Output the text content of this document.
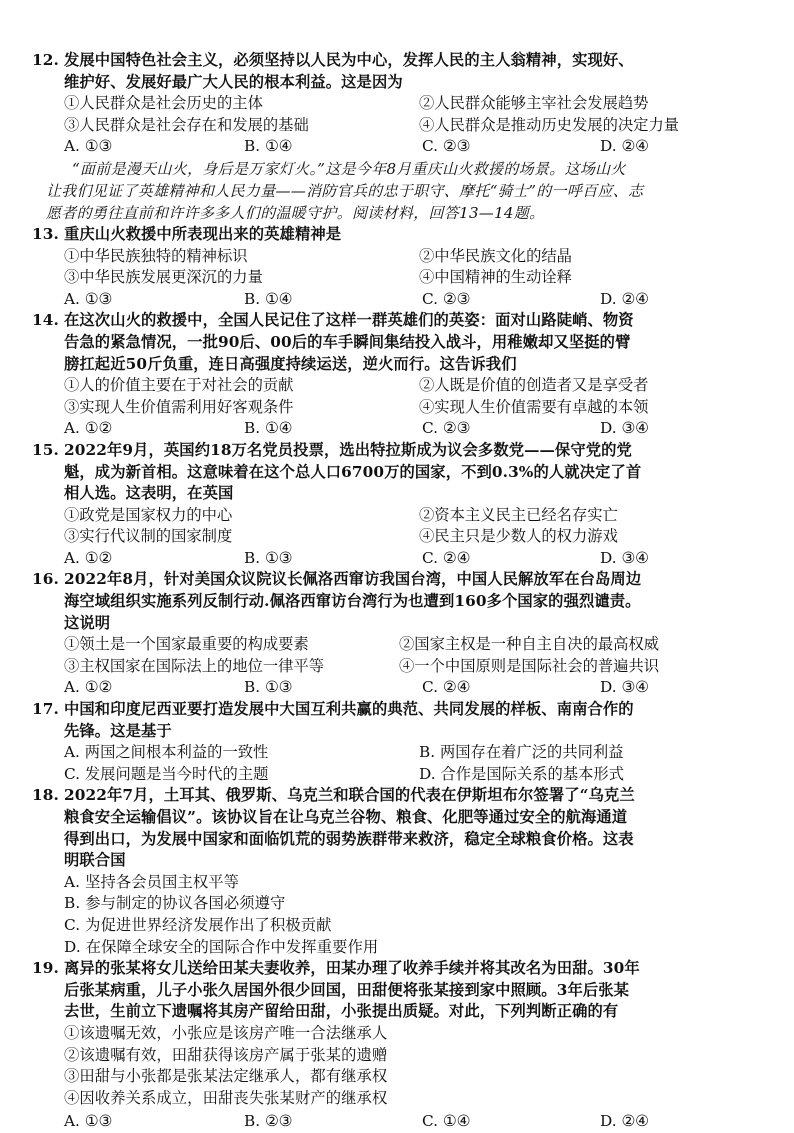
12. 发展中国特色社会主义，必须坚持以人民为中心，发挥人民的主人翁精神，实现好、
维护好、发展好最广大人民的根本利益。这是因为
①人民群众是社会历史的主体	②人民群众能够主宰社会发展趋势
③人民群众是社会存在和发展的基础	④人民群众是推动历史发展的决定力量
A. ①③	B. ①④	C. ②③	D. ②④
“面前是漫天山火，身后是万家灯火。”这是今年8月重庆山火救援的场景。这场山火
让我们见证了英雄精神和人民力量——消防官兵的忠于职守、摩托“骑士”的一呼百应、志
愿者的勇往直前和许许多多人们的温暖守护。阅读材料，回答13—14题。
13. 重庆山火救援中所表现出来的英雄精神是
①中华民族独特的精神标识	②中华民族文化的结晶
③中华民族发展更深沉的力量	④中国精神的生动诠释
A. ①③	B. ①④	C. ②③	D. ②④
14. 在这次山火的救援中，全国人民记住了这样一群英雄们的英姿：面对山路陡峭、物资
告急的紧急情况，一批90后、00后的车手瞬间集结投入战斗，用稚嫩却又坚挺的臂
膀扛起近50斤负重，连日高强度持续运送，逆火而行。这告诉我们
①人的价值主要在于对社会的贡献	②人既是价值的创造者又是享受者
③实现人生价值需利用好客观条件	④实现人生价值需要有卓越的本领
A. ①②	B. ①④	C. ②③	D. ③④
15. 2022年9月，英国约18万名党员投票，选出特拉斯成为议会多数党——保守党的党
魁，成为新首相。这意味着在这个总人口6700万的国家，不到0.3%的人就决定了首
相人选。这表明，在英国
①政党是国家权力的中心	②资本主义民主已经名存实亡
③实行代议制的国家制度	④民主只是少数人的权力游戏
A. ①②	B. ①③	C. ②④	D. ③④
16. 2022年8月，针对美国众议院议长佩洛西窜访我国台湾，中国人民解放军在台岛周边
海空域组织实施系列反制行动.佩洛西窜访台湾行为也遭到160多个国家的强烈谴责。
这说明
①领土是一个国家最重要的构成要素	②国家主权是一种自主自决的最高权威
③主权国家在国际法上的地位一律平等	④一个中国原则是国际社会的普遍共识
A. ①②	B. ①③	C. ②④	D. ③④
17. 中国和印度尼西亚要打造发展中大国互利共赢的典范、共同发展的样板、南南合作的
先锋。这是基于
A. 两国之间根本利益的一致性	B. 两国存在着广泛的共同利益
C. 发展问题是当今时代的主题	D. 合作是国际关系的基本形式
18. 2022年7月，土耳其、俄罗斯、乌克兰和联合国的代表在伊斯坦布尔签署了“乌克兰
粮食安全运输倡议”。该协议旨在让乌克兰谷物、粮食、化肥等通过安全的航海通道
得到出口，为发展中国家和面临饥荒的弱势族群带来救济，稳定全球粮食价格。这表
明联合国
A. 坚持各会员国主权平等
B. 参与制定的协议各国必须遵守
C. 为促进世界经济发展作出了积极贡献
D. 在保障全球安全的国际合作中发挥重要作用
19. 离异的张某将女儿送给田某夫妻收养，田某办理了收养手续并将其改名为田甜。30年
后张某病重，儿子小张久居国外很少回国，田甜便将张某接到家中照顾。3年后张某
去世，生前立下遗嘱将其房产留给田甜，小张提出质疑。对此，下列判断正确的有
①该遗嘱无效，小张应是该房产唯一合法继承人
②该遗嘱有效，田甜获得该房产属于张某的遗赠
③田甜与小张都是张某法定继承人，都有继承权
④因收养关系成立，田甜丧失张某财产的继承权
A. ①③	B. ②③	C. ①④	D. ②④
